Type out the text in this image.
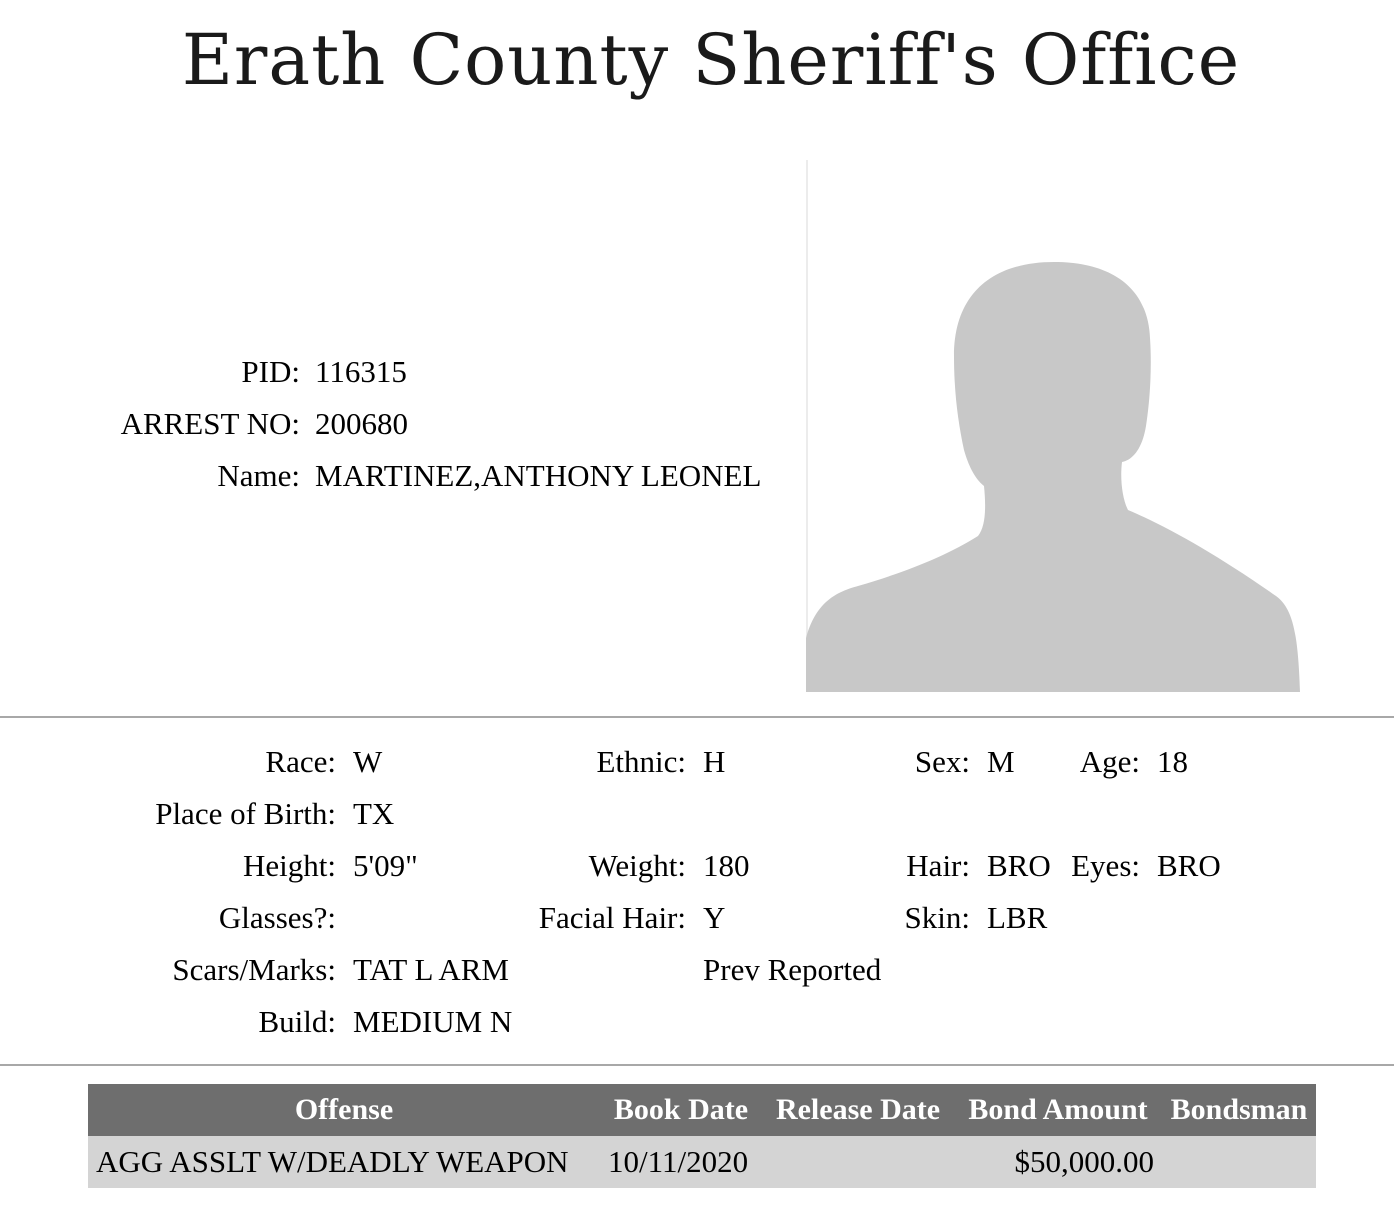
Erath County Sheriff's Office
PID: 116315
ARREST NO: 200680
Name: MARTINEZ,ANTHONY LEONEL
Race: W	Ethnic: H	Sex: M Age: 18
Place of Birth: TX
Height: 5'09"	Weight: 180	Hair: BRO Eyes: BRO
Glasses?:	Facial Hair: Y	Skin: LBR
Scars/Marks: TAT L ARM	Prev Reported
Build: MEDIUM N
Offense	Book Date	Release Date	Bond Amount	Bondsman
AGG ASSLT W/DEADLY WEAPON	10/11/2020		$50,000.00	
